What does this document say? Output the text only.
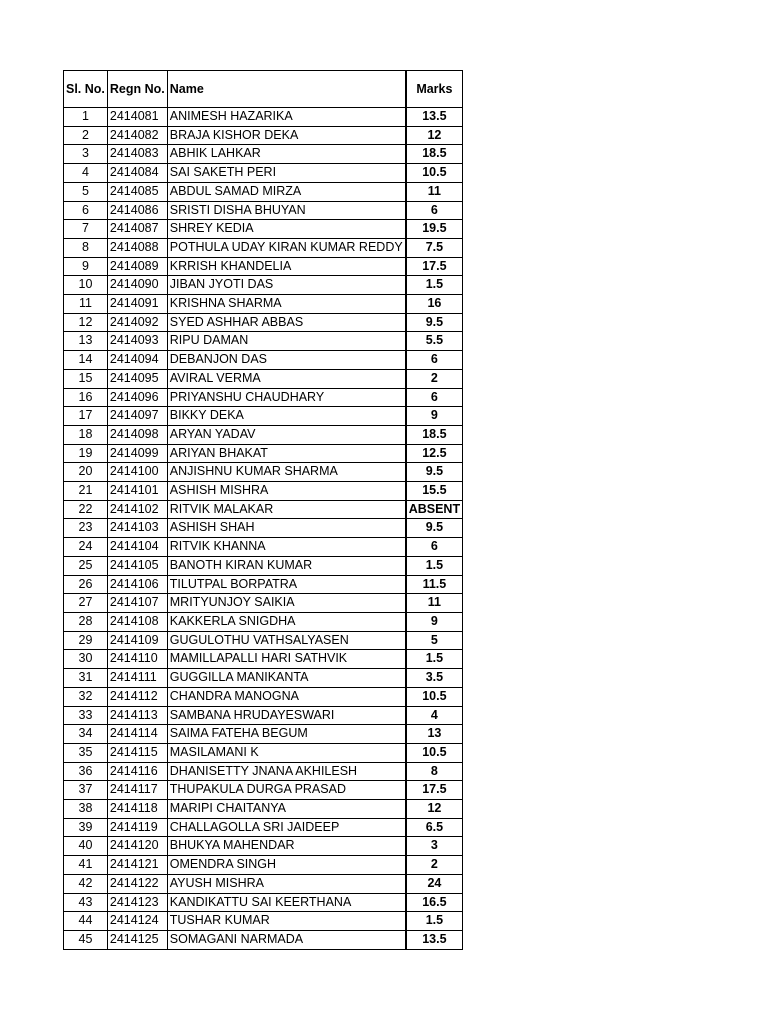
Sl. No.	Regn No.	Name	Marks
1	2414081	ANIMESH HAZARIKA	13.5
2	2414082	BRAJA KISHOR DEKA	12
3	2414083	ABHIK LAHKAR	18.5
4	2414084	SAI SAKETH PERI	10.5
5	2414085	ABDUL SAMAD MIRZA	11
6	2414086	SRISTI DISHA BHUYAN	6
7	2414087	SHREY KEDIA	19.5
8	2414088	POTHULA UDAY KIRAN KUMAR REDDY	7.5
9	2414089	KRRISH KHANDELIA	17.5
10	2414090	JIBAN JYOTI DAS	1.5
11	2414091	KRISHNA SHARMA	16
12	2414092	SYED ASHHAR ABBAS	9.5
13	2414093	RIPU DAMAN	5.5
14	2414094	DEBANJON DAS	6
15	2414095	AVIRAL VERMA	2
16	2414096	PRIYANSHU CHAUDHARY	6
17	2414097	BIKKY DEKA	9
18	2414098	ARYAN YADAV	18.5
19	2414099	ARIYAN BHAKAT	12.5
20	2414100	ANJISHNU KUMAR SHARMA	9.5
21	2414101	ASHISH MISHRA	15.5
22	2414102	RITVIK MALAKAR	ABSENT
23	2414103	ASHISH SHAH	9.5
24	2414104	RITVIK KHANNA	6
25	2414105	BANOTH KIRAN KUMAR	1.5
26	2414106	TILUTPAL BORPATRA	11.5
27	2414107	MRITYUNJOY SAIKIA	11
28	2414108	KAKKERLA SNIGDHA	9
29	2414109	GUGULOTHU VATHSALYASEN	5
30	2414110	MAMILLAPALLI HARI SATHVIK	1.5
31	2414111	GUGGILLA MANIKANTA	3.5
32	2414112	CHANDRA MANOGNA	10.5
33	2414113	SAMBANA HRUDAYESWARI	4
34	2414114	SAIMA FATEHA BEGUM	13
35	2414115	MASILAMANI K	10.5
36	2414116	DHANISETTY JNANA AKHILESH	8
37	2414117	THUPAKULA DURGA PRASAD	17.5
38	2414118	MARIPI CHAITANYA	12
39	2414119	CHALLAGOLLA SRI JAIDEEP	6.5
40	2414120	BHUKYA MAHENDAR	3
41	2414121	OMENDRA SINGH	2
42	2414122	AYUSH MISHRA	24
43	2414123	KANDIKATTU SAI KEERTHANA	16.5
44	2414124	TUSHAR KUMAR	1.5
45	2414125	SOMAGANI NARMADA	13.5
